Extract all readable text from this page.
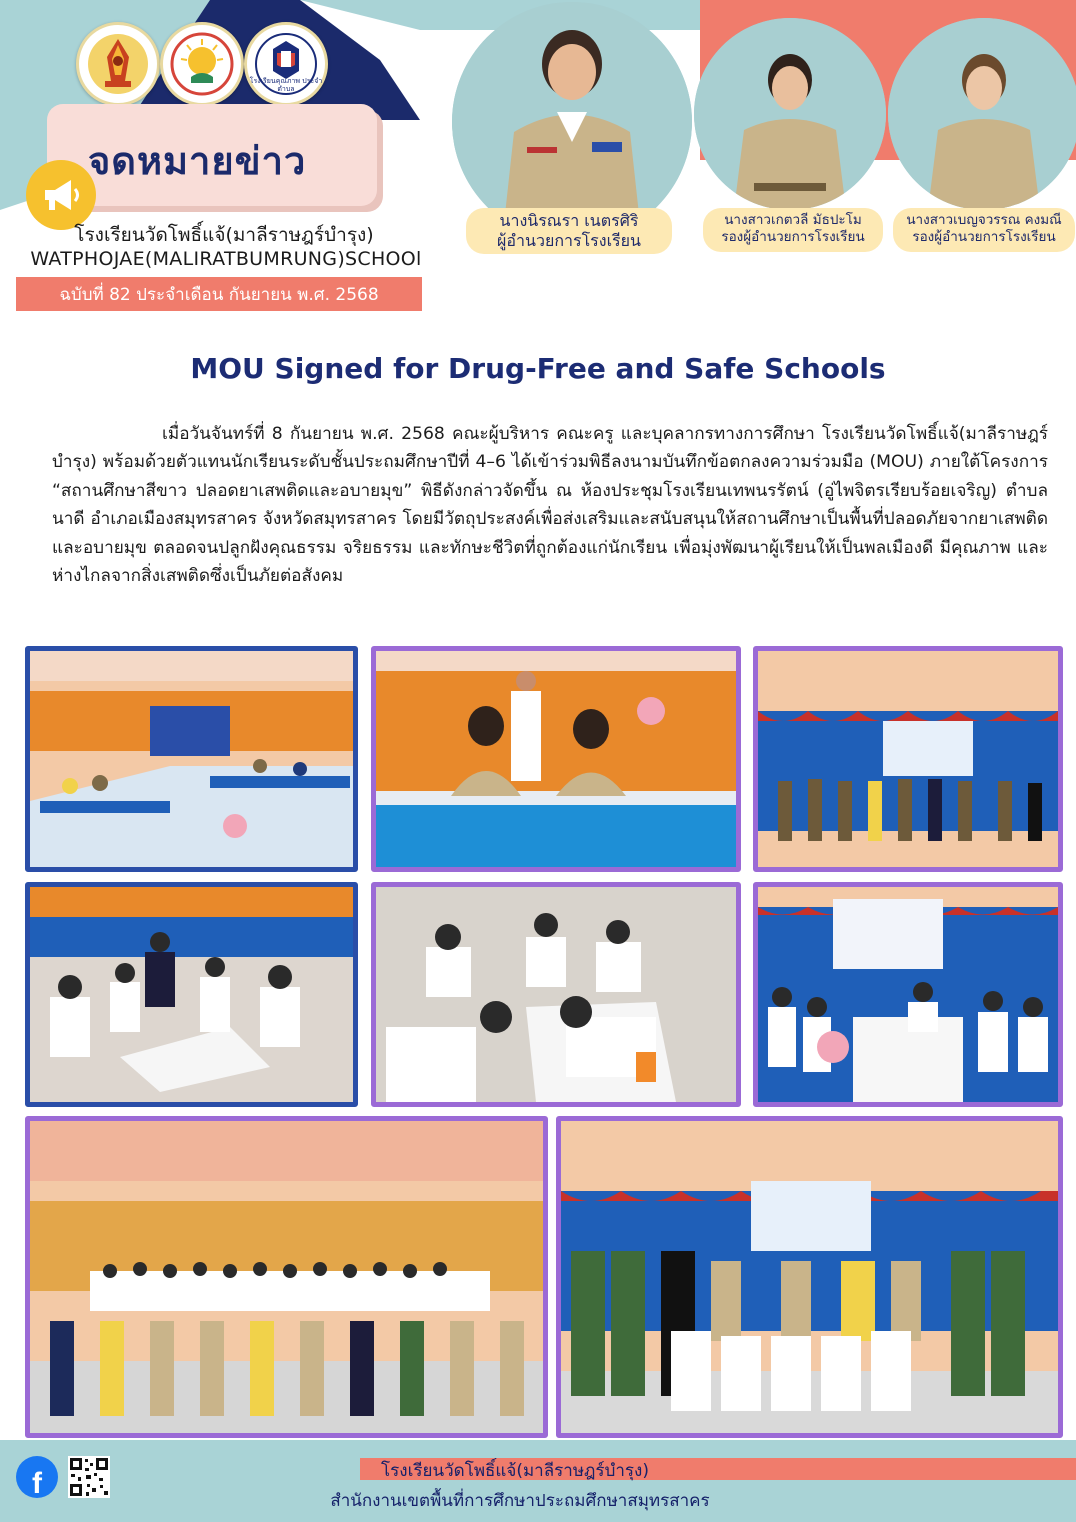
โรงเรียนคุณภาพ ประจำตำบล
จดหมายข่าว
โรงเรียนวัดโพธิ์แจ้(มาลีราษฎร์บำรุง)
WATPHOJAE(MALIRATBUMRUNG)SCHOOl
ฉบับที่ 82 ประจำเดือน กันยายน พ.ศ. 2568
นางนิรณรา เนตรศิริ
ผู้อำนวยการโรงเรียน
นางสาวเกตวลี มัธปะโม
รองผู้อำนวยการโรงเรียน
นางสาวเบญจวรรณ คงมณี
รองผู้อำนวยการโรงเรียน
MOU Signed for Drug-Free and Safe Schools
เมื่อวันจันทร์ที่ 8 กันยายน พ.ศ. 2568 คณะผู้บริหาร คณะครู และบุคลากรทางการศึกษา โรงเรียนวัดโพธิ์แจ้(มาลีราษฎร์บำรุง) พร้อมด้วยตัวแทนนักเรียนระดับชั้นประถมศึกษาปีที่ 4–6 ได้เข้าร่วมพิธีลงนามบันทึกข้อตกลงความร่วมมือ (MOU) ภายใต้โครงการ “สถานศึกษาสีขาว ปลอดยาเสพติดและอบายมุข” พิธีดังกล่าวจัดขึ้น ณ ห้องประชุมโรงเรียนเทพนรรัตน์ (อู่ไพจิตรเรียบร้อยเจริญ) ตำบลนาดี อำเภอเมืองสมุทรสาคร จังหวัดสมุทรสาคร โดยมีวัตถุประสงค์เพื่อส่งเสริมและสนับสนุนให้สถานศึกษาเป็นพื้นที่ปลอดภัยจากยาเสพติดและอบายมุข ตลอดจนปลูกฝังคุณธรรม จริยธรรม และทักษะชีวิตที่ถูกต้องแก่นักเรียน เพื่อมุ่งพัฒนาผู้เรียนให้เป็นพลเมืองดี มีคุณภาพ และห่างไกลจากสิ่งเสพติดซึ่งเป็นภัยต่อสังคม
f	โรงเรียนวัดโพธิ์แจ้(มาลีราษฎร์บำรุง)
สำนักงานเขตพื้นที่การศึกษาประถมศึกษาสมุทรสาคร
